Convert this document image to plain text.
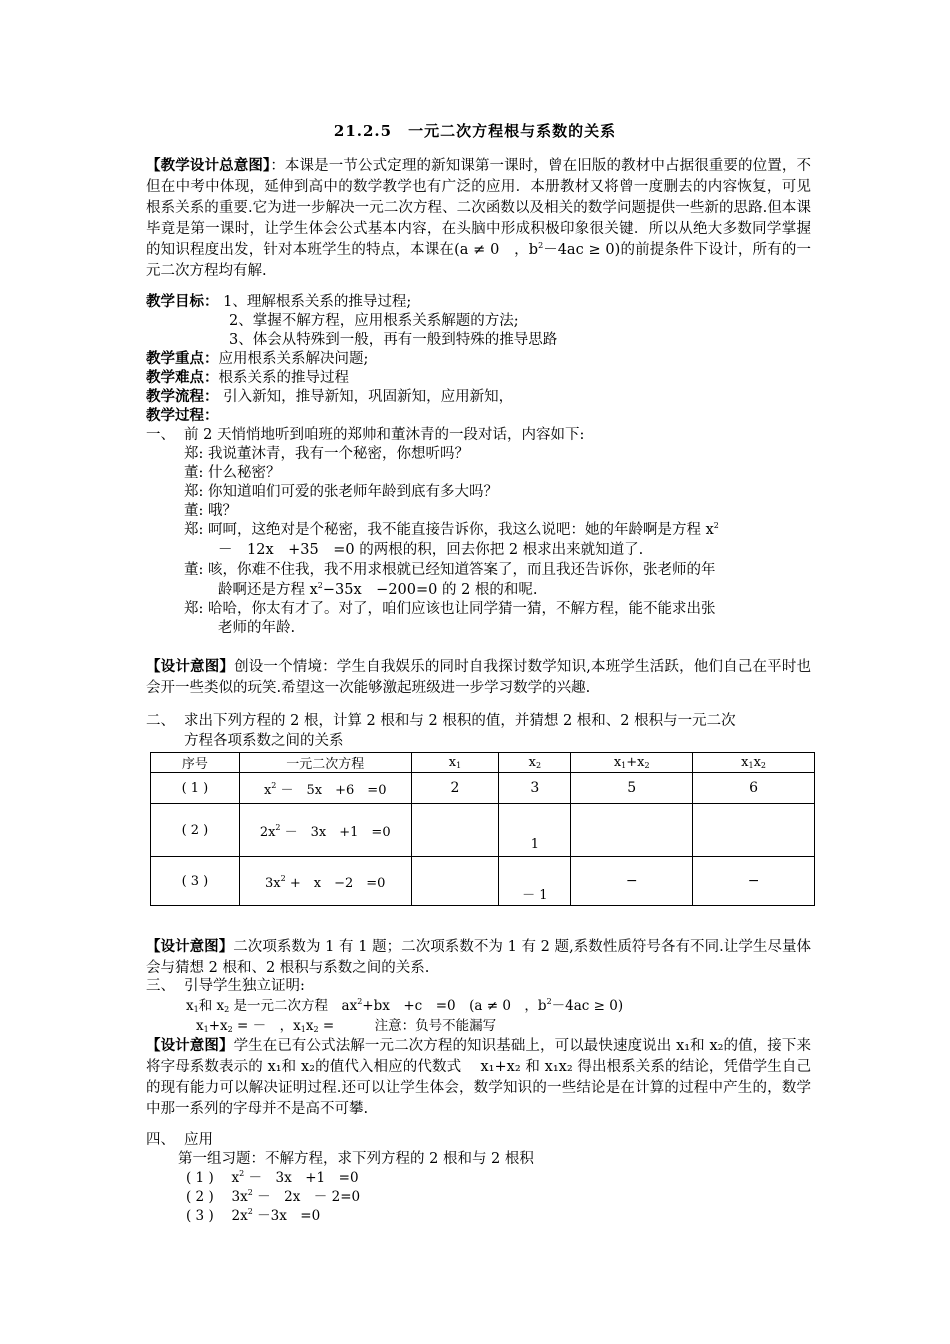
21.2.5　一元二次方程根与系数的关系
【教学设计总意图】：本课是一节公式定理的新知课第一课时，曾在旧版的教材中占据很重要的位置，不但在中考中体现，延伸到高中的数学教学也有广泛的应用．本册教材又将曾一度删去的内容恢复，可见根系关系的重要.它为进一步解决一元二次方程、二次函数以及相关的数学问题提供一些新的思路.但本课毕竟是第一课时，让学生体会公式基本内容，在头脑中形成积极印象很关键．所以从绝大多数同学掌握的知识程度出发，针对本班学生的特点，本课在(a ≠ 0　，$b^2-4ac \ge 0$)的前提条件下设计，所有的一元二次方程均有解.
教学目标： 1、理解根系关系的推导过程;
2、掌握不解方程，应用根系关系解题的方法;
3、体会从特殊到一般，再有一般到特殊的推导思路
教学重点：应用根系关系解决问题;
教学难点：根系关系的推导过程
教学流程： 引入新知，推导新知，巩固新知，应用新知，
教学过程：
一、 前 2 天悄悄地听到咱班的郑帅和董沐青的一段对话，内容如下:
郑: 我说董沐青，我有一个秘密，你想听吗？
董: 什么秘密？
郑: 你知道咱们可爱的张老师年龄到底有多大吗？
董: 哦？
郑: 呵呵，这绝对是个秘密，我不能直接告诉你，我这么说吧：她的年龄啊是方程 $x^2$
－　12x　+35　=0 的两根的积，回去你把 2 根求出来就知道了.
董: 咳，你难不住我，我不用求根就已经知道答案了，而且我还告诉你，张老师的年
龄啊还是方程 $x^2-35x$　−200=0 的 2 根的和呢.
郑: 哈哈，你太有才了。对了，咱们应该也让同学猜一猜，不解方程，能不能求出张
老师的年龄.
【设计意图】创设一个情境：学生自我娱乐的同时自我探讨数学知识,本班学生活跃，他们自己在平时也会开一些类似的玩笑.希望这一次能够激起班级进一步学习数学的兴趣.
二、 求出下列方程的 2 根，计算 2 根和与 2 根积的值，并猜想 2 根和、2 根积与一元二次
方程各项系数之间的关系
序号	一元二次方程	$x_1$	$x_2$	$x_1+x_2$	$x_1x_2$
( 1 )	$x^2$ －　5x　+6　=0	2	3	5	6
( 2 )	$2x^2$ －　3x　+1　=0		1		
( 3 )	$3x^2$ +　x　−2　=0		－ 1	−	−
【设计意图】二次项系数为 1 有 1 题；二次项系数不为 1 有 2 题,系数性质符号各有不同.让学生尽量体会与猜想 2 根和、2 根积与系数之间的关系.
三、 引导学生独立证明:
$x_1$和 $x_2$ 是一元二次方程　$ax^2+bx$　+c　=0　(a ≠ 0　，$b^2-4ac \ge 0$)
$x_1+x_2$ = －　，$x_1x_2$ =　　　注意：负号不能漏写
【设计意图】学生在已有公式法解一元二次方程的知识基础上，可以最快速度说出 x₁和 x₂的值，接下来将字母系数表示的 x₁和 x₂的值代入相应的代数式　 x₁+x₂ 和 x₁x₂ 得出根系关系的结论，凭借学生自己的现有能力可以解决证明过程.还可以让学生体会，数学知识的一些结论是在计算的过程中产生的，数学中那一系列的字母并不是高不可攀.
四、 应用
第一组习题：不解方程，求下列方程的 2 根和与 2 根积
( 1 )　 $x^2$ －　3x　+1　=0
( 2 )　 $3x^2$ －　2x　－ 2=0
( 3 )　 $2x^2 -3x$　=0
